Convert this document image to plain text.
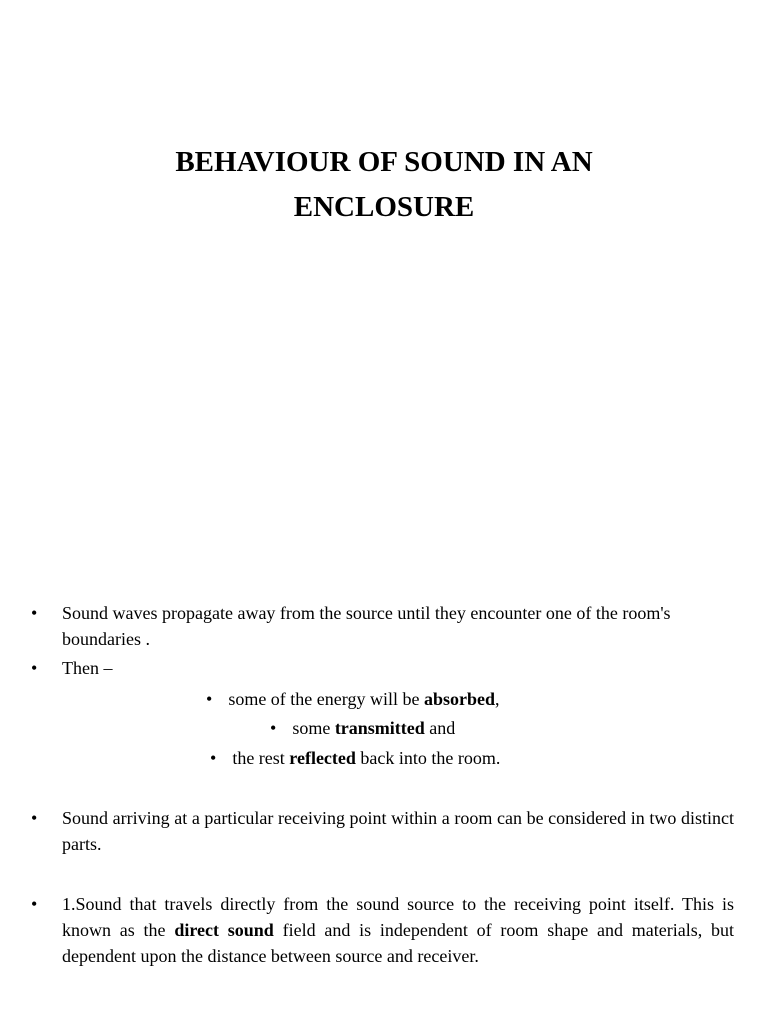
BEHAVIOUR OF SOUND IN AN

ENCLOSURE

• Sound waves propagate away from the source until they encounter one of the room's boundaries .
• Then –
• some of the energy will be absorbed,
• some transmitted and
• the rest reflected back into the room.
• Sound arriving at a particular receiving point within a room can be considered in two distinct parts.
• 1.Sound that travels directly from the sound source to the receiving point itself. This is known as the direct sound field and is independent of room shape and materials, but dependent upon the distance between source and receiver.
